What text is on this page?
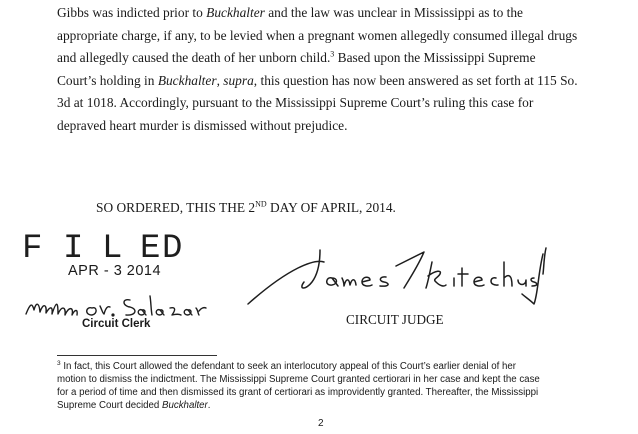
Gibbs was indicted prior to Buckhalter and the law was unclear in Mississippi as to the

appropriate charge, if any, to be levied when a pregnant women allegedly consumed illegal drugs

and allegedly caused the death of her unborn child.$^3$ Based upon the Mississippi Supreme

Court’s holding in Buckhalter, supra, this question has now been answered as set forth at 115 So.

3d at 1018. Accordingly, pursuant to the Mississippi Supreme Court’s ruling this case for

depraved heart murder is dismissed without prejudice.

SO ORDERED, THIS THE 2ND DAY OF APRIL, 2014.
F I L E D
APR - 3 2014
Circuit Clerk	CIRCUIT JUDGE

$^3$ In fact, this Court allowed the defendant to seek an interlocutory appeal of this Court’s earlier denial of her

motion to dismiss the indictment. The Mississippi Supreme Court granted certiorari in her case and kept the case

for a period of time and then dismissed its grant of certiorari as improvidently granted. Thereafter, the Mississippi

Supreme Court decided Buckhalter.

2
